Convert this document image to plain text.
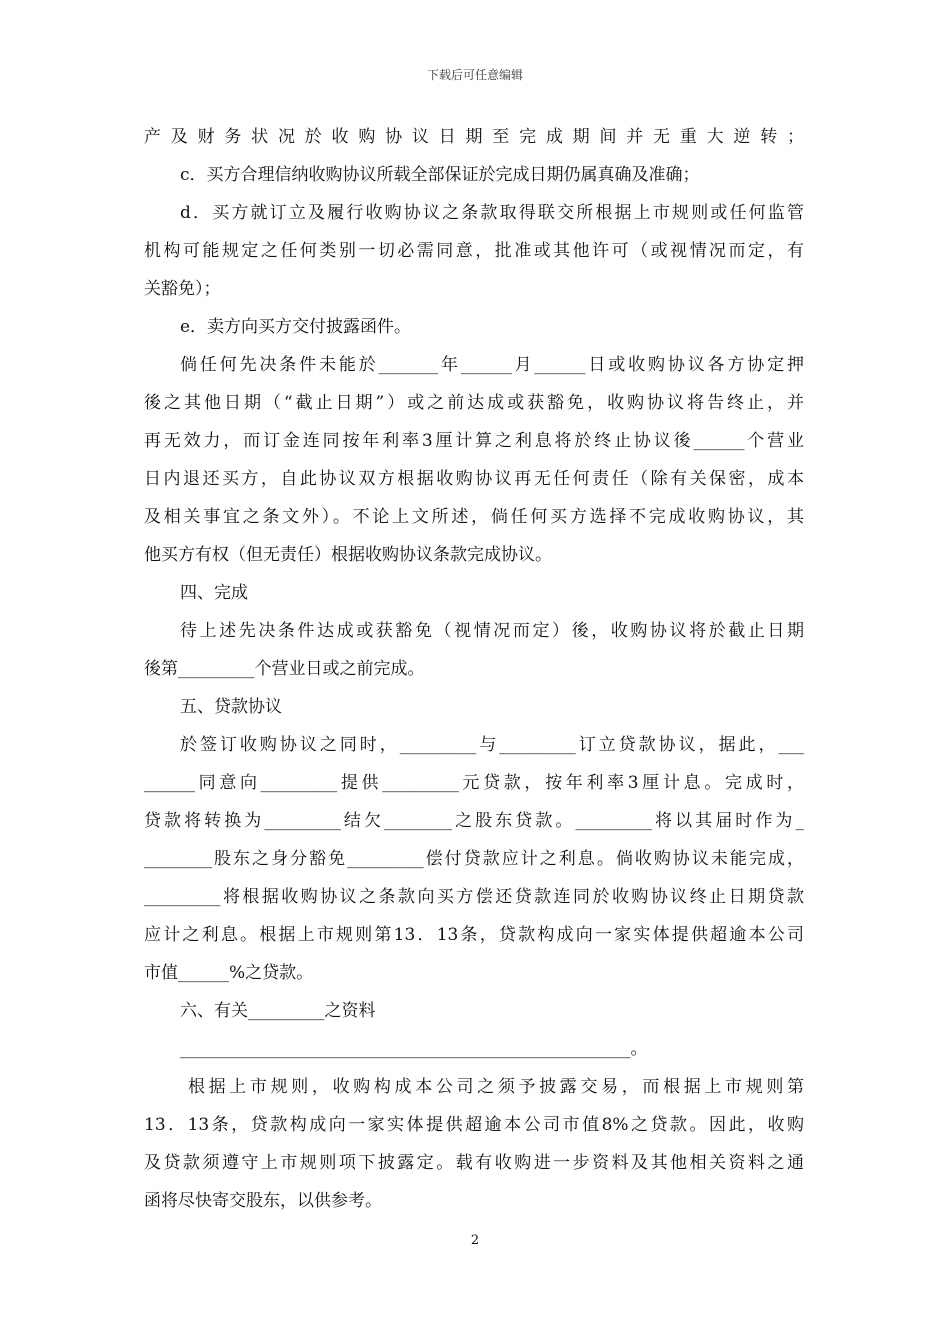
下载后可任意编辑
产及财务状况於收购协议日期至完成期间并无重大逆转；
c．买方合理信纳收购协议所载全部保证於完成日期仍属真确及准确；
d．买方就订立及履行收购协议之条款取得联交所根据上市规则或任何监管
机构可能规定之任何类别一切必需同意，批准或其他许可（或视情况而定，有
关豁免）；
e．卖方向买方交付披露函件。
倘任何先决条件未能於_______年______月______日或收购协议各方协定押
後之其他日期（“截止日期”）或之前达成或获豁免，收购协议将告终止，并
再无效力，而订金连同按年利率3厘计算之利息将於终止协议後______个营业
日内退还买方，自此协议双方根据收购协议再无任何责任（除有关保密，成本
及相关事宜之条文外）。不论上文所述，倘任何买方选择不完成收购协议，其
他买方有权（但无责任）根据收购协议条款完成协议。
四、完成
待上述先决条件达成或获豁免（视情况而定）後，收购协议将於截止日期
後第_________个营业日或之前完成。
五、贷款协议
於签订收购协议之同时，_________与_________订立贷款协议，据此，___
______同意向_________提供_________元贷款，按年利率3厘计息。完成时，
贷款将转换为_________结欠________之股东贷款。_________将以其届时作为_
________股东之身分豁免_________偿付贷款应计之利息。倘收购协议未能完成，
_________将根据收购协议之条款向买方偿还贷款连同於收购协议终止日期贷款
应计之利息。根据上市规则第13．13条，贷款构成向一家实体提供超逾本公司
市值______%之贷款。
六、有关_________之资料
_____________________________________________________。
根据上市规则，收购构成本公司之须予披露交易，而根据上市规则第
13．13条，贷款构成向一家实体提供超逾本公司市值8%之贷款。因此，收购
及贷款须遵守上市规则项下披露定。载有收购进一步资料及其他相关资料之通
函将尽快寄交股东，以供参考。
2
